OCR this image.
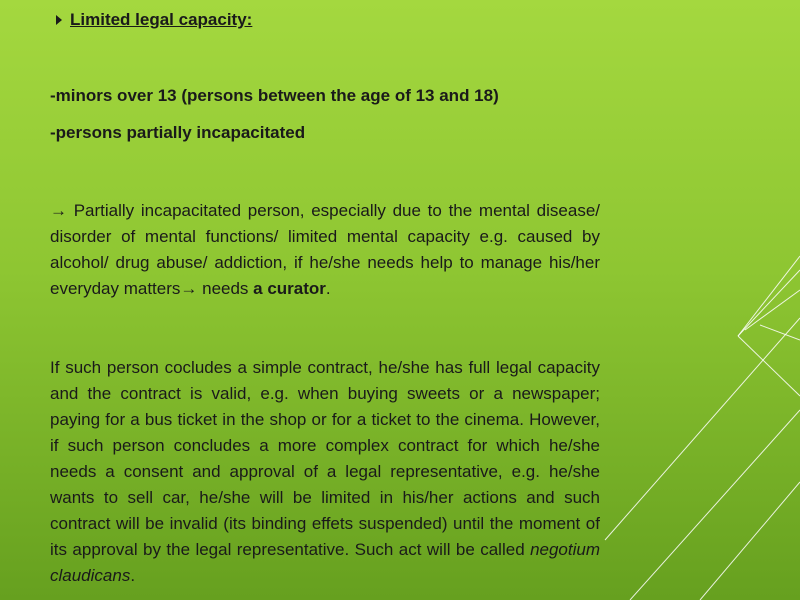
Limited legal capacity:
-minors over 13 (persons between the age of 13 and 18)
-persons partially incapacitated

→ Partially incapacitated person, especially due to the mental disease/ disorder of mental functions/ limited mental capacity e.g. caused by alcohol/ drug abuse/ addiction, if he/she needs help to manage his/her everyday matters→ needs a curator.

If such person cocludes a simple contract, he/she has full legal capacity and the contract is valid, e.g. when buying sweets or a newspaper; paying for a bus ticket in the shop or for a ticket to the cinema. However, if such person concludes a more complex contract for which he/she needs a consent and approval of a legal representative, e.g. he/she wants to sell car, he/she will be limited in his/her actions and such contract will be invalid (its binding effets suspended) until the moment of its approval by the legal representative. Such act will be called negotium claudicans.
